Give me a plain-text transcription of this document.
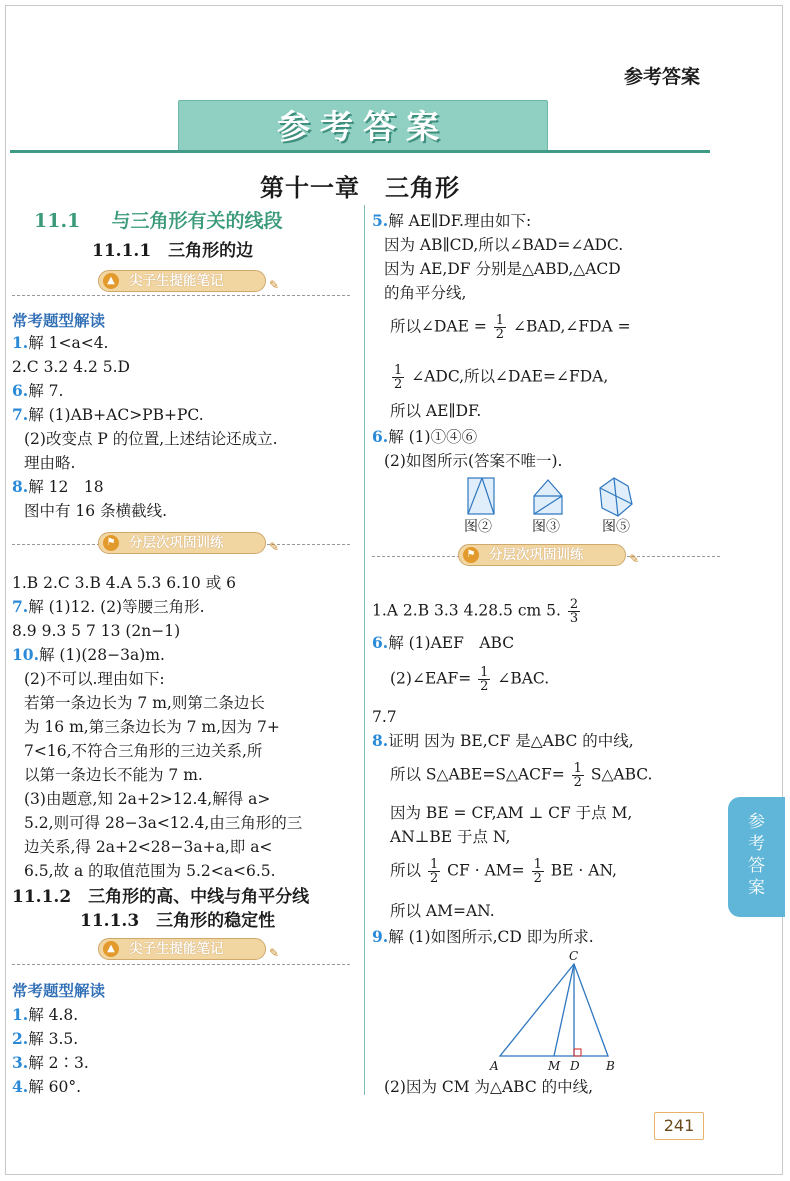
参考答案
参考答案
第十一章　三角形
11.1 与三角形有关的线段
11.1.1　三角形的边
▲	尖子生提能笔记	✎
常考题型解读
1.解 1<a<4.
2.C 3.2 4.2 5.D
6.解 7.
7.解 (1)AB+AC>PB+PC.
(2)改变点 P 的位置,上述结论还成立.
理由略.
8.解 12　18
图中有 16 条横截线.
⚑ 分层次巩固训练	✎
1.B 2.C 3.B 4.A 5.3 6.10 或 6
7.解 (1)12. (2)等腰三角形.
8.9 9.3 5 7 13 (2n−1)
10.解 (1)(28−3a)m.
(2)不可以.理由如下:
若第一条边长为 7 m,则第二条边长
为 16 m,第三条边长为 7 m,因为 7+
7<16,不符合三角形的三边关系,所
以第一条边长不能为 7 m.
(3)由题意,知 2a+2>12.4,解得 a>
5.2,则可得 28−3a<12.4,由三角形的三
边关系,得 2a+2<28−3a+a,即 a<
6.5,故 a 的取值范围为 5.2<a<6.5.
11.1.2　三角形的高、中线与角平分线
11.1.3　三角形的稳定性
▲	尖子生提能笔记	✎
常考题型解读
1.解 4.8.
2.解 3.5.
3.解 2∶3.
4.解 60°.
5.解 AE∥DF.理由如下:
因为 AB∥CD,所以∠BAD=∠ADC.
因为 AE,DF 分别是△ABD,△ACD
的角平分线,
所以∠DAE = $\frac{1}{2}$ ∠BAD,∠FDA =
$\frac{1}{2}$ ∠ADC,所以∠DAE=∠FDA,
所以 AE∥DF.
6.解 (1)①④⑥
(2)如图所示(答案不唯一).
图②	图③	图⑤
⚑ 分层次巩固训练	✎
1.A 2.B 3.3 4.28.5 cm 5. $\frac{2}{3}$
6.解 (1)AEF　ABC
(2)∠EAF= $\frac{1}{2}$ ∠BAC.
7.7
8.证明 因为 BE,CF 是△ABC 的中线,
所以 S△ABE=S△ACF= $\frac{1}{2}$ S△ABC.
因为 BE = CF,AM ⊥ CF 于点 M,
AN⊥BE 于点 N,
所以 $\frac{1}{2}$ CF · $AM= \frac{1}{2}$ BE · AN,
所以 AM=AN.
9.解 (1)如图所示,CD 即为所求.
C
A	M D B
(2)因为 CM 为△ABC 的中线,
参考答案
241
